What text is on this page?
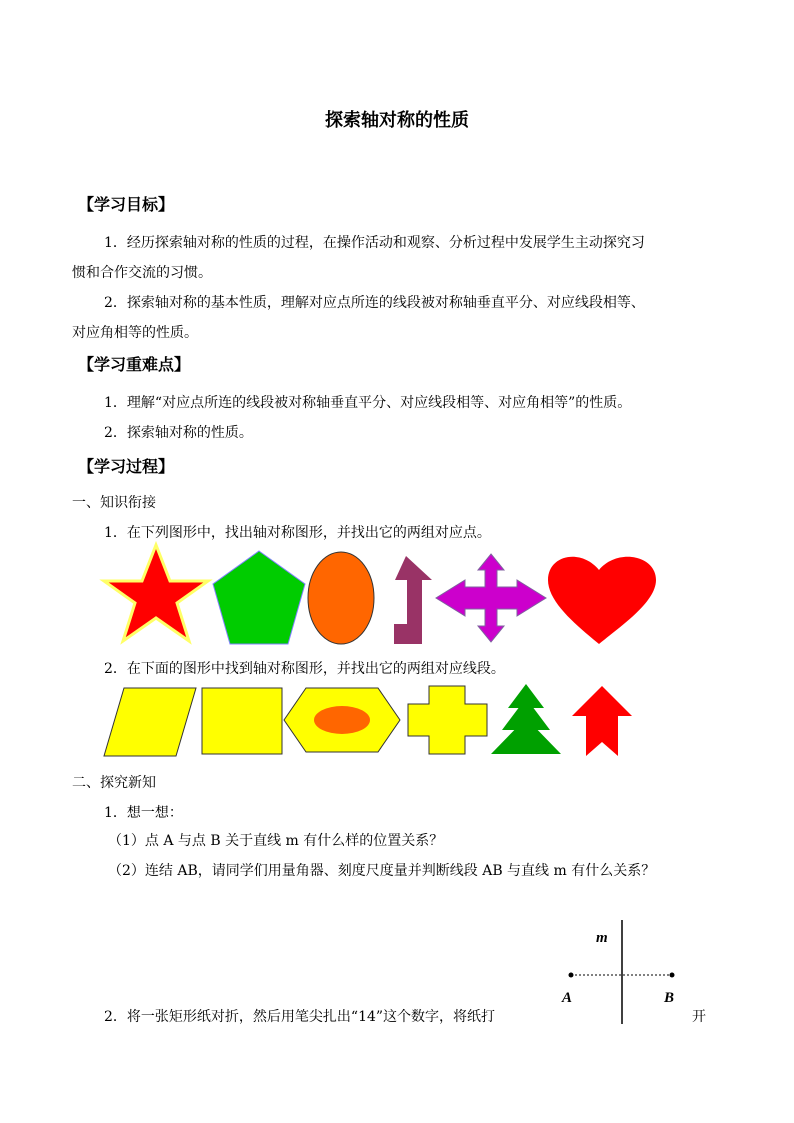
探索轴对称的性质
【学习目标】
1．经历探索轴对称的性质的过程，在操作活动和观察、分析过程中发展学生主动探究习
惯和合作交流的习惯。
2．探索轴对称的基本性质，理解对应点所连的线段被对称轴垂直平分、对应线段相等、
对应角相等的性质。
【学习重难点】
1．理解“对应点所连的线段被对称轴垂直平分、对应线段相等、对应角相等”的性质。
2．探索轴对称的性质。
【学习过程】
一、知识衔接
1．在下列图形中，找出轴对称图形，并找出它的两组对应点。
2．在下面的图形中找到轴对称图形，并找出它的两组对应线段。
二、探究新知
1．想一想：
（1）点 A 与点 B 关于直线 m 有什么样的位置关系？
（2）连结 AB，请同学们用量角器、刻度尺度量并判断线段 AB 与直线 m 有什么关系？
m
A	B
2．将一张矩形纸对折，然后用笔尖扎出“14”这个数字，将纸打	开
